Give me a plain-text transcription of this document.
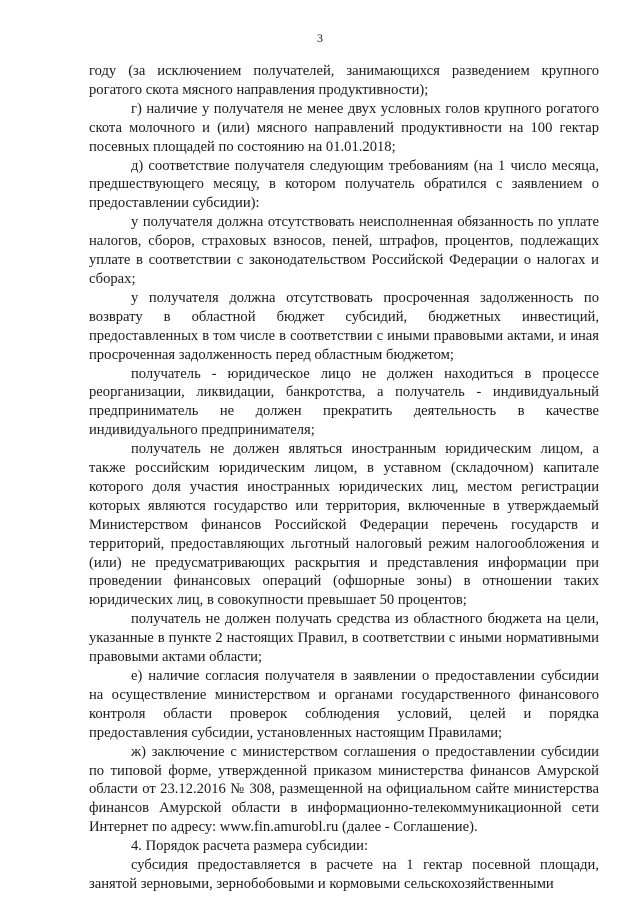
3

году (за исключением получателей, занимающихся разведением крупного рогатого скота мясного направления продуктивности);

г) наличие у получателя не менее двух условных голов крупного рогатого скота молочного и (или) мясного направлений продуктивности на 100 гектар посевных площадей по состоянию на 01.01.2018;

д) соответствие получателя следующим требованиям (на 1 число месяца, предшествующего месяцу, в котором получатель обратился с заявлением о предоставлении субсидии):

у получателя должна отсутствовать неисполненная обязанность по уплате налогов, сборов, страховых взносов, пеней, штрафов, процентов, подлежащих уплате в соответствии с законодательством Российской Федерации о налогах и сборах;

у получателя должна отсутствовать просроченная задолженность по возврату в областной бюджет субсидий, бюджетных инвестиций, предоставленных в том числе в соответствии с иными правовыми актами, и иная просроченная задолженность перед областным бюджетом;

получатель - юридическое лицо не должен находиться в процессе реорганизации, ликвидации, банкротства, а получатель - индивидуальный предприниматель не должен прекратить деятельность в качестве индивидуального предпринимателя;

получатель не должен являться иностранным юридическим лицом, а также российским юридическим лицом, в уставном (складочном) капитале которого доля участия иностранных юридических лиц, местом регистрации которых являются государство или территория, включенные в утверждаемый Министерством финансов Российской Федерации перечень государств и территорий, предоставляющих льготный налоговый режим налогообложения и (или) не предусматривающих раскрытия и представления информации при проведении финансовых операций (офшорные зоны) в отношении таких юридических лиц, в совокупности превышает 50 процентов;

получатель не должен получать средства из областного бюджета на цели, указанные в пункте 2 настоящих Правил, в соответствии с иными нормативными правовыми актами области;

е) наличие согласия получателя в заявлении о предоставлении субсидии на осуществление министерством и органами государственного финансового контроля области проверок соблюдения условий, целей и порядка предоставления субсидии, установленных настоящим Правилами;

ж) заключение с министерством соглашения о предоставлении субсидии по типовой форме, утвержденной приказом министерства финансов Амурской области от 23.12.2016 № 308, размещенной на официальном сайте министерства финансов Амурской области в информационно-телекоммуникационной сети Интернет по адресу: www.fin.amurobl.ru (далее - Соглашение).

4. Порядок расчета размера субсидии:

субсидия предоставляется в расчете на 1 гектар посевной площади, занятой зерновыми, зернобобовыми и кормовыми сельскохозяйственными
